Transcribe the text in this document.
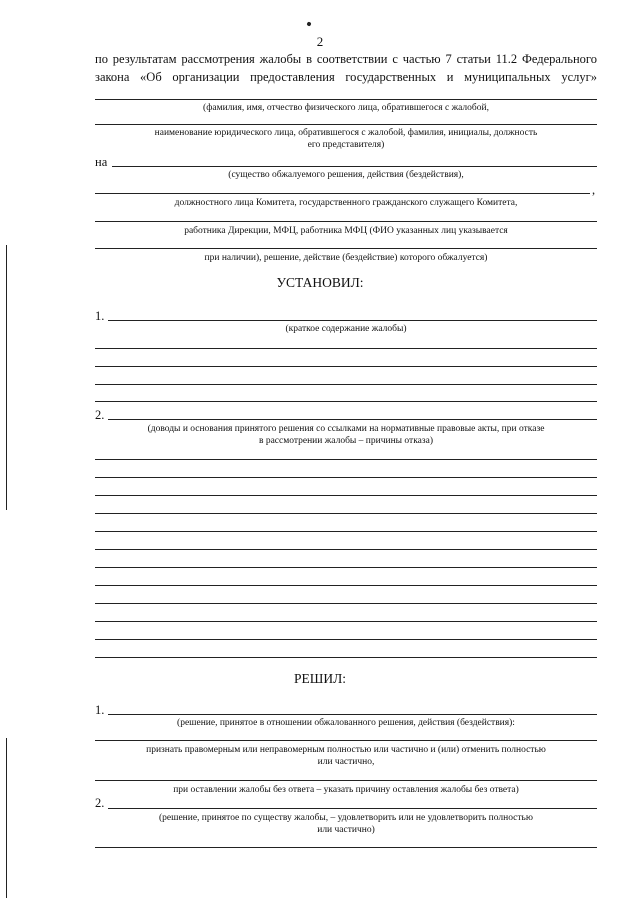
2
по результатам рассмотрения жалобы в соответствии с частью 7 статьи 11.2 Федерального
закона «Об организации предоставления государственных и муниципальных услуг»
(фамилия, имя, отчество физического лица, обратившегося с жалобой,
наименование юридического лица, обратившегося с жалобой, фамилия, инициалы, должность
его представителя)
на
(существо обжалуемого решения, действия (бездействия),
,
должностного лица Комитета, государственного гражданского служащего Комитета,
работника Дирекции, МФЦ, работника МФЦ (ФИО указанных лиц указывается
при наличии), решение, действие (бездействие) которого обжалуется)
УСТАНОВИЛ:
1.
(краткое содержание жалобы)
2.
(доводы и основания принятого решения со ссылками на нормативные правовые акты, при отказе
в рассмотрении жалобы – причины отказа)
РЕШИЛ:
1.
(решение, принятое в отношении обжалованного решения, действия (бездействия):
признать правомерным или неправомерным полностью или частично и (или) отменить полностью
или частично,
при оставлении жалобы без ответа – указать причину оставления жалобы без ответа)
2.
(решение, принятое по существу жалобы, – удовлетворить или не удовлетворить полностью
или частично)
